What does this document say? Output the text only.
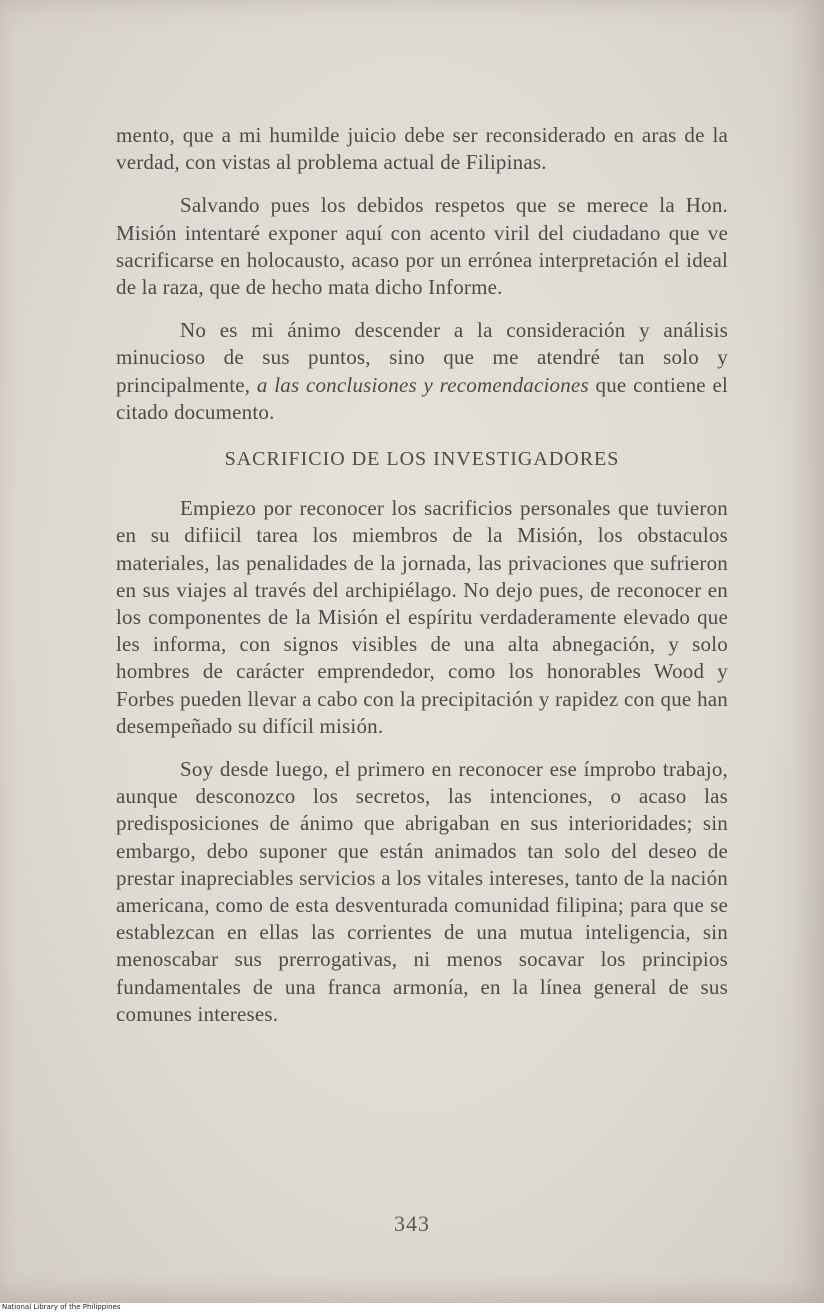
mento, que a mi humilde juicio debe ser reconsiderado en aras de la verdad, con vistas al problema actual de Filipinas.

Salvando pues los debidos respetos que se merece la Hon. Misión intentaré exponer aquí con acento viril del ciudadano que ve sacrificarse en holocausto, acaso por un errónea interpretación el ideal de la raza, que de hecho mata dicho Informe.

No es mi ánimo descender a la consideración y análisis minucioso de sus puntos, sino que me atendré tan solo y principalmente, a las conclusiones y recomendaciones que contiene el citado documento.

SACRIFICIO DE LOS INVESTIGADORES

Empiezo por reconocer los sacrificios personales que tuvieron en su difiicil tarea los miembros de la Misión, los obstaculos materiales, las penalidades de la jornada, las privaciones que sufrieron en sus viajes al través del archipiélago. No dejo pues, de reconocer en los componentes de la Misión el espíritu verdaderamente elevado que les informa, con signos visibles de una alta abnegación, y solo hombres de carácter emprendedor, como los honorables Wood y Forbes pueden llevar a cabo con la precipitación y rapidez con que han desempeñado su difícil misión.

Soy desde luego, el primero en reconocer ese ímprobo trabajo, aunque desconozco los secretos, las intenciones, o acaso las predisposiciones de ánimo que abrigaban en sus interioridades; sin embargo, debo suponer que están animados tan solo del deseo de prestar inapreciables servicios a los vitales intereses, tanto de la nación americana, como de esta desventurada comunidad filipina; para que se establezcan en ellas las corrientes de una mutua inteligencia, sin menoscabar sus prerrogativas, ni menos socavar los principios fundamentales de una franca armonía, en la línea general de sus comunes intereses.

343
National Library of the Philippines
